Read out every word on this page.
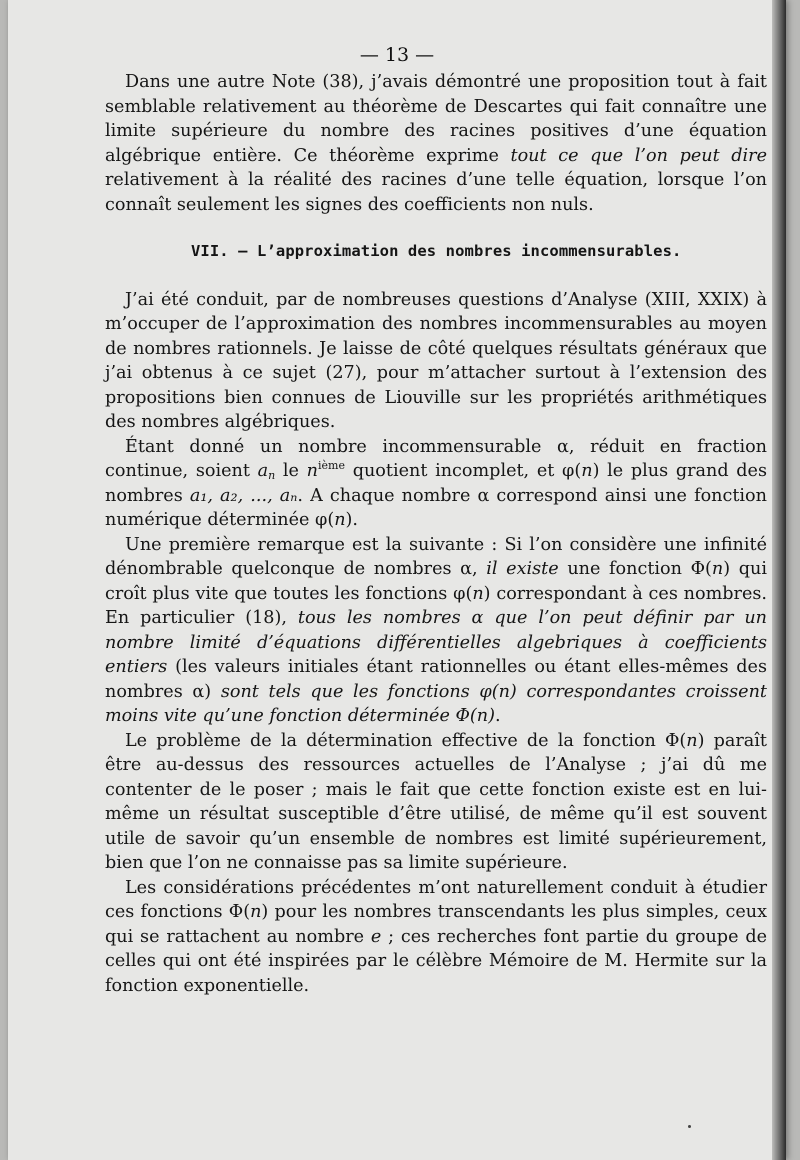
— 13 —

Dans une autre Note (38), j’avais démontré une proposition tout à fait semblable relativement au théorème de Descartes qui fait connaître une limite supérieure du nombre des racines positives d’une équation algébrique entière. Ce théorème exprime tout ce que l’on peut dire relativement à la réalité des racines d’une telle équation, lorsque l’on connaît seulement les signes des coefficients non nuls.

VII. — L’approximation des nombres incommensurables.

J’ai été conduit, par de nombreuses questions d’Analyse (XIII, XXIX) à m’occuper de l’approximation des nombres incommensurables au moyen de nombres rationnels. Je laisse de côté quelques résultats généraux que j’ai obtenus à ce sujet (27), pour m’attacher surtout à l’extension des propositions bien connues de Liouville sur les propriétés arithmétiques des nombres algébriques.

Étant donné un nombre incommensurable α, réduit en fraction continue, soient $a_n$ le $n^{ième}$ quotient incomplet, et φ(n) le plus grand des nombres a₁, a₂, ..., aₙ. A chaque nombre α correspond ainsi une fonction numérique déterminée φ(n).

Une première remarque est la suivante : Si l’on considère une infinité dénombrable quelconque de nombres α, il existe une fonction Φ(n) qui croît plus vite que toutes les fonctions φ(n) correspondant à ces nombres. En particulier (18), tous les nombres α que l’on peut définir par un nombre limité d’équations différentielles algebriques à coefficients entiers (les valeurs initiales étant rationnelles ou étant elles-mêmes des nombres α) sont tels que les fonctions φ(n) correspondantes croissent moins vite qu’une fonction déterminée Φ(n).

Le problème de la détermination effective de la fonction Φ(n) paraît être au-dessus des ressources actuelles de l’Analyse ; j’ai dû me contenter de le poser ; mais le fait que cette fonction existe est en lui-même un résultat susceptible d’être utilisé, de même qu’il est souvent utile de savoir qu’un ensemble de nombres est limité supérieurement, bien que l’on ne connaisse pas sa limite supérieure.

Les considérations précédentes m’ont naturellement conduit à étudier ces fonctions Φ(n) pour les nombres transcendants les plus simples, ceux qui se rattachent au nombre e ; ces recherches font partie du groupe de celles qui ont été inspirées par le célèbre Mémoire de M. Hermite sur la fonction exponentielle.
